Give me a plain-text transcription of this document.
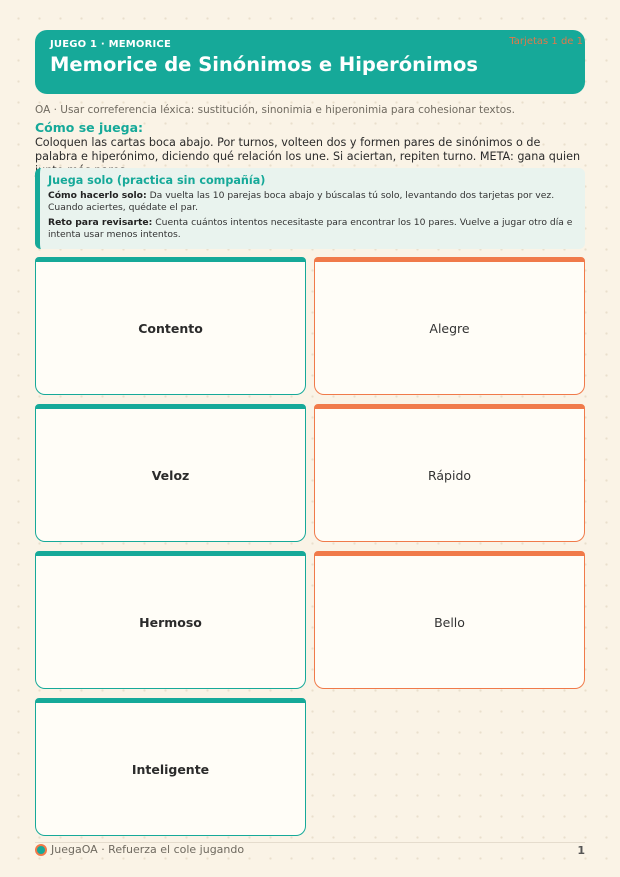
JUEGO 1 · MEMORICE
Memorice de Sinónimos e Hiperónimos
Tarjetas 1 de 1
OA · Usar correferencia léxica: sustitución, sinonimia e hiperonimia para cohesionar textos.
Cómo se juega:
Coloquen las cartas boca abajo. Por turnos, volteen dos y formen pares de sinónimos o de palabra e hiperónimo, diciendo qué relación los une. Si aciertan, repiten turno. META: gana quien
Juega solo (practica sin compañía)
Cómo hacerlo solo: Da vuelta las 10 parejas boca abajo y búscalas tú solo, levantando dos tarjetas por vez. Cuando aciertes, quédate el par.
Reto para revisarte: Cuenta cuántos intentos necesitaste para encontrar los 10 pares. Vuelve a jugar otro día e intenta usar menos intentos.
Contento	Alegre
Veloz	Rápido
Hermoso	Bello
Inteligente
JuegaOA · Refuerza el cole jugando	1
